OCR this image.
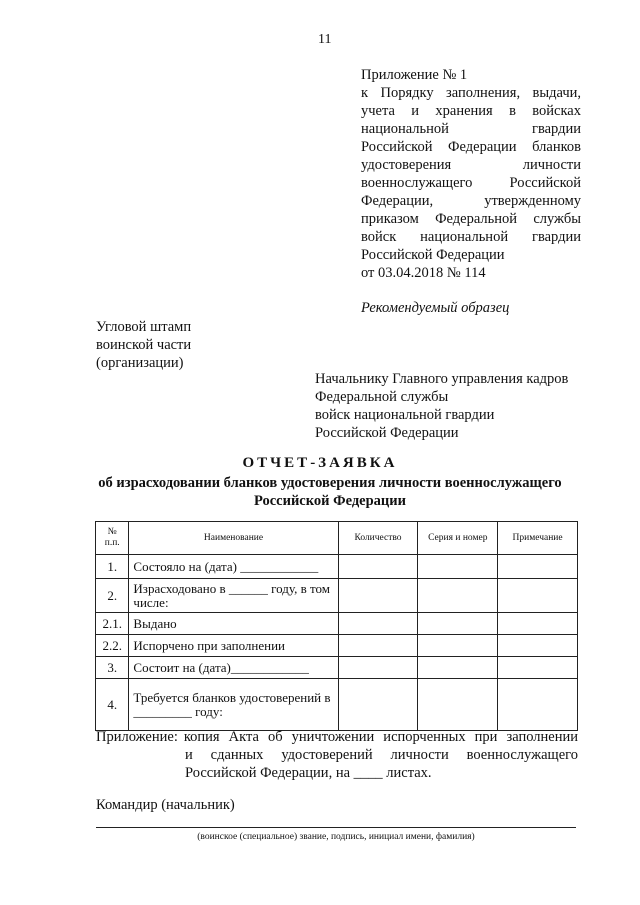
11
Приложение № 1
к Порядку заполнения, выдачи,
учета и хранения в войсках
национальной гвардии
Российской Федерации бланков
удостоверения личности
военнослужащего Российской
Федерации, утвержденному
приказом Федеральной службы
войск национальной гвардии
Российской Федерации
от 03.04.2018 № 114
Рекомендуемый образец
Угловой штамп
воинской части
(организации)
Начальнику Главного управления кадров
Федеральной службы
войск национальной гвардии
Российской Федерации
ОТЧЕТ-ЗАЯВКА
об израсходовании бланков удостоверения личности военнослужащего Российской Федерации
№ п.п.	Наименование	Количество	Серия и номер	Примечание
1.	Состояло на (дата) ____________			
2.	Израсходовано в ______ году, в том числе:			
2.1.	Выдано			
2.2.	Испорчено при заполнении			
3.	Состоит на (дата)____________			
4.	Требуется бланков удостоверений в _________ году:			
Приложение: копия Акта об уничтожении испорченных при заполнении
и сданных удостоверений личности военнослужащего
Российской Федерации, на ____ листах.
Командир (начальник)
(воинское (специальное) звание, подпись, инициал имени, фамилия)
